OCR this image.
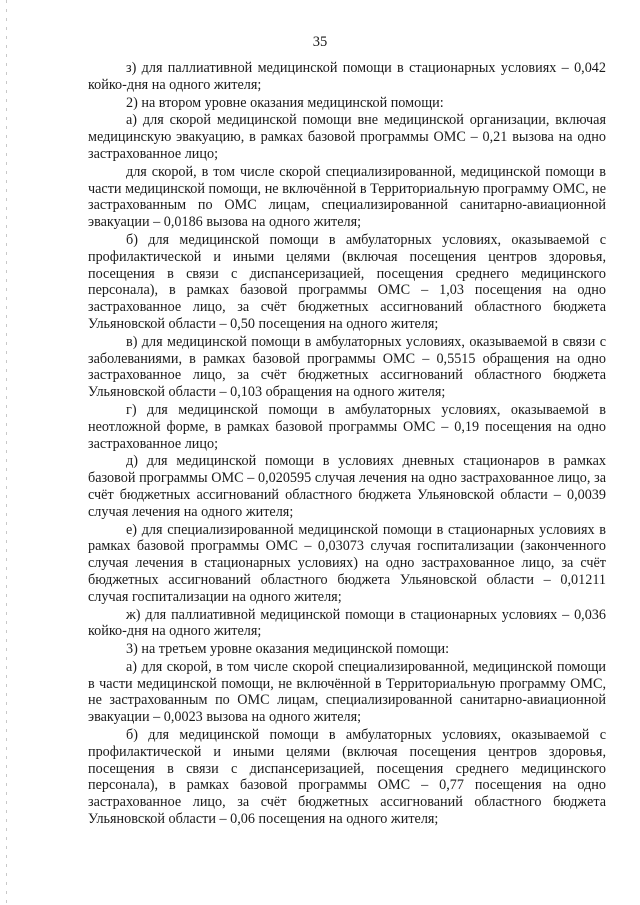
35

з) для паллиативной медицинской помощи в стационарных условиях – 0,042 койко-дня на одного жителя;

2) на втором уровне оказания медицинской помощи:

а) для скорой медицинской помощи вне медицинской организации, включая медицинскую эвакуацию, в рамках базовой программы ОМС – 0,21 вызова на одно застрахованное лицо;

для скорой, в том числе скорой специализированной, медицинской помощи в части медицинской помощи, не включённой в Территориальную программу ОМС, не застрахованным по ОМС лицам, специализированной санитарно-авиационной эвакуации – 0,0186 вызова на одного жителя;

б) для медицинской помощи в амбулаторных условиях, оказываемой с профилактической и иными целями (включая посещения центров здоровья, посещения в связи с диспансеризацией, посещения среднего медицинского персонала), в рамках базовой программы ОМС – 1,03 посещения на одно застрахованное лицо, за счёт бюджетных ассигнований областного бюджета Ульяновской области – 0,50 посещения на одного жителя;

в) для медицинской помощи в амбулаторных условиях, оказываемой в связи с заболеваниями, в рамках базовой программы ОМС – 0,5515 обращения на одно застрахованное лицо, за счёт бюджетных ассигнований областного бюджета Ульяновской области – 0,103 обращения на одного жителя;

г) для медицинской помощи в амбулаторных условиях, оказываемой в неотложной форме, в рамках базовой программы ОМС – 0,19 посещения на одно застрахованное лицо;

д) для медицинской помощи в условиях дневных стационаров в рамках базовой программы ОМС – 0,020595 случая лечения на одно застрахованное лицо, за счёт бюджетных ассигнований областного бюджета Ульяновской области – 0,0039 случая лечения на одного жителя;

е) для специализированной медицинской помощи в стационарных условиях в рамках базовой программы ОМС – 0,03073 случая госпитализации (законченного случая лечения в стационарных условиях) на одно застрахованное лицо, за счёт бюджетных ассигнований областного бюджета Ульяновской области – 0,01211 случая госпитализации на одного жителя;

ж) для паллиативной медицинской помощи в стационарных условиях – 0,036 койко-дня на одного жителя;

3) на третьем уровне оказания медицинской помощи:

а) для скорой, в том числе скорой специализированной, медицинской помощи в части медицинской помощи, не включённой в Территориальную программу ОМС, не застрахованным по ОМС лицам, специализированной санитарно-авиационной эвакуации – 0,0023 вызова на одного жителя;

б) для медицинской помощи в амбулаторных условиях, оказываемой с профилактической и иными целями (включая посещения центров здоровья, посещения в связи с диспансеризацией, посещения среднего медицинского персонала), в рамках базовой программы ОМС – 0,77 посещения на одно застрахованное лицо, за счёт бюджетных ассигнований областного бюджета Ульяновской области – 0,06 посещения на одного жителя;
